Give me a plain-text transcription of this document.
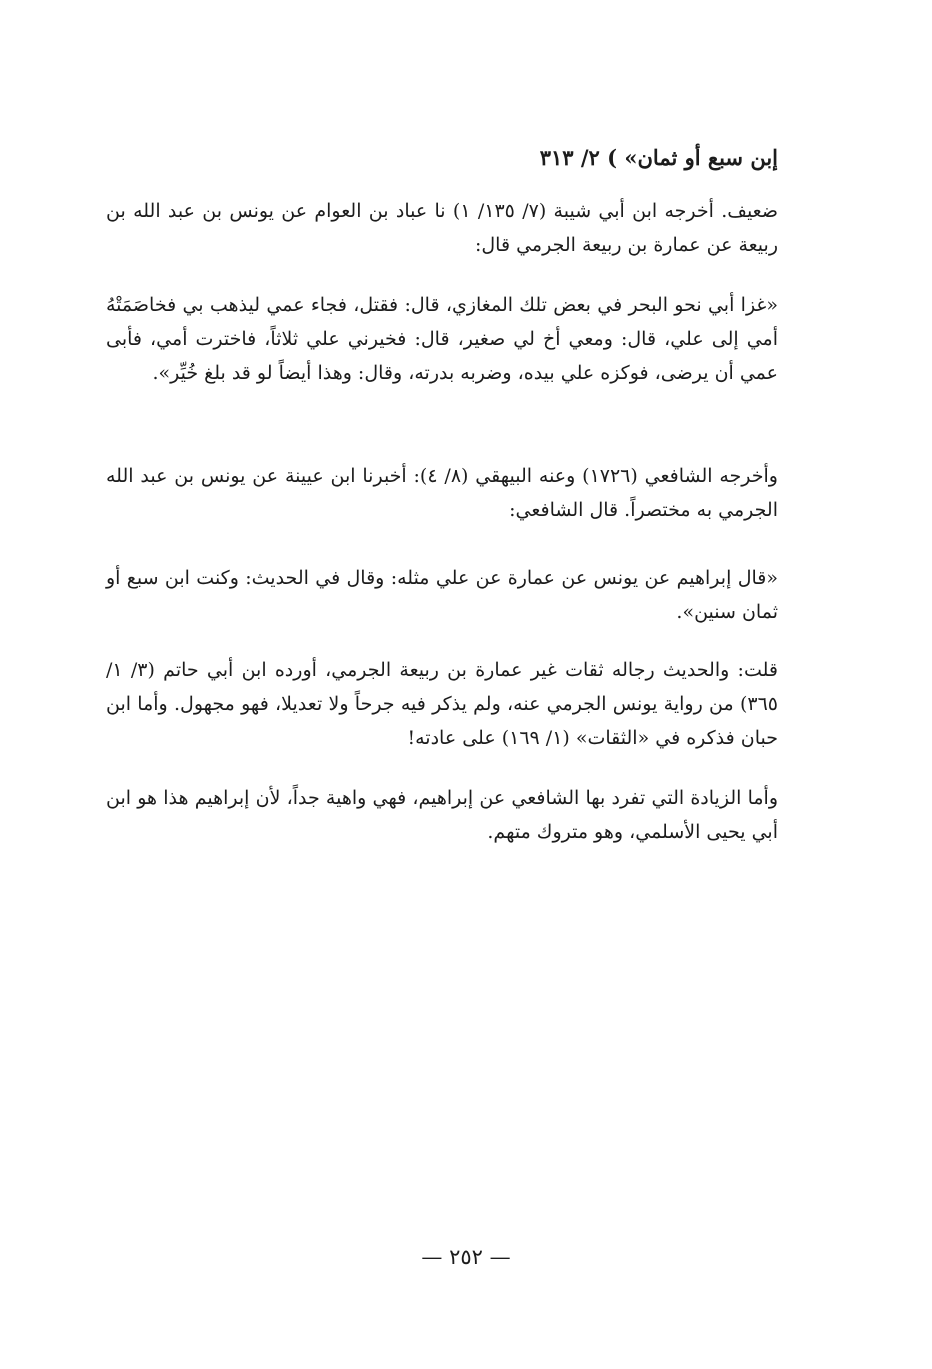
إبن سبع أو ثمان» ) ٢/ ٣١٣

ضعيف. أخرجه ابن أبي شيبة (٧/ ١٣٥/ ١) نا عباد بن العوام عن يونس بن عبد الله بن ربيعة عن عمارة بن ربيعة الجرمي قال:

«غزا أبي نحو البحر في بعض تلك المغازي، قال: فقتل، فجاء عمي ليذهب بي فخاصَمَتْهُ أمي إلى علي، قال: ومعي أخ لي صغير، قال: فخيرني علي ثلاثاً، فاخترت أمي، فأبى عمي أن يرضى، فوكزه علي بيده، وضربه بدرته، وقال: وهذا أيضاً لو قد بلغ خُيِّر».

وأخرجه الشافعي (١٧٢٦) وعنه البيهقي (٨/ ٤): أخبرنا ابن عيينة عن يونس بن عبد الله الجرمي به مختصراً. قال الشافعي:

«قال إبراهيم عن يونس عن عمارة عن علي مثله: وقال في الحديث: وكنت ابن سبع أو ثمان سنين».

قلت: والحديث رجاله ثقات غير عمارة بن ربيعة الجرمي، أورده ابن أبي حاتم (٣/ ١/ ٣٦٥) من رواية يونس الجرمي عنه، ولم يذكر فيه جرحاً ولا تعديلا، فهو مجهول. وأما ابن حبان فذكره في «الثقات» (١/ ١٦٩) على عادته!

وأما الزيادة التي تفرد بها الشافعي عن إبراهيم، فهي واهية جداً، لأن إبراهيم هذا هو ابن أبي يحيى الأسلمي، وهو متروك متهم.

— ٢٥٢ —
